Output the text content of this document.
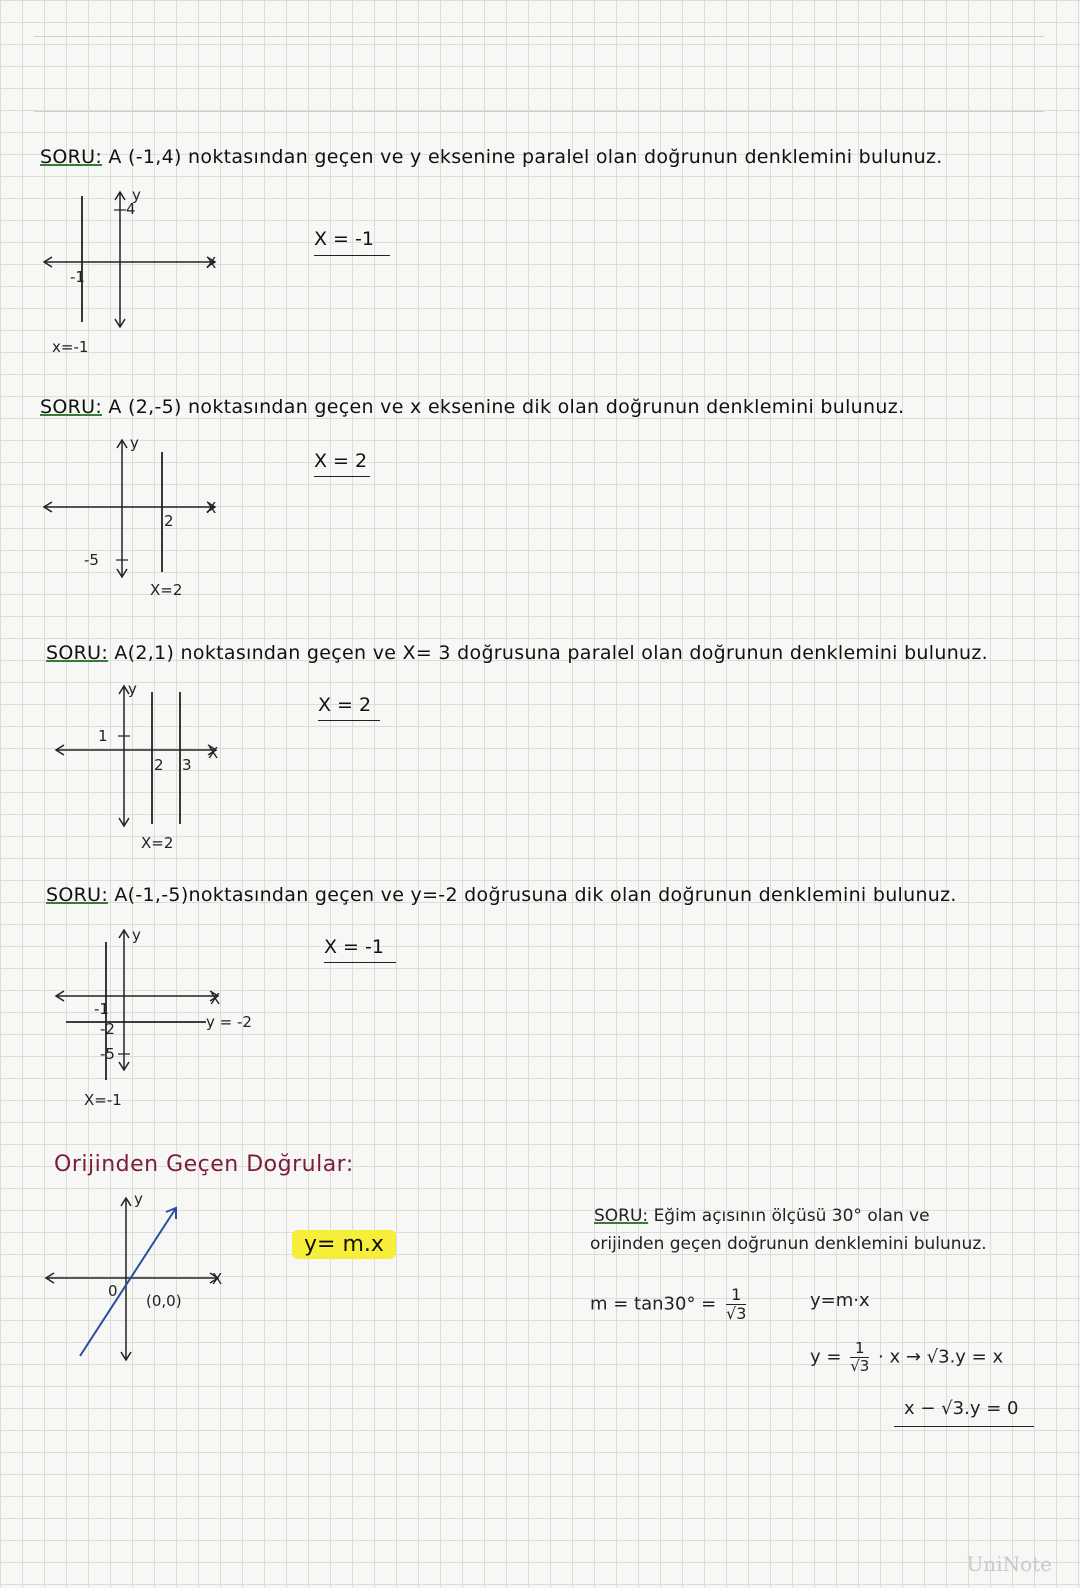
SORU: A (-1,4) noktasından geçen ve y eksenine paralel olan doğrunun denklemini bulunuz.
y
4
X
-1
x=-1
X = -1
SORU: A (2,-5) noktasından geçen ve x eksenine dik olan doğrunun denklemini bulunuz.
y
X
2
-5
X=2
X = 2
SORU: A(2,1) noktasından geçen ve X= 3 doğrusuna paralel olan doğrunun denklemini bulunuz.
y
X
1
2 3
X=2
X = 2
SORU: A(-1,-5)noktasından geçen ve y=-2 doğrusuna dik olan doğrunun denklemini bulunuz.
y
X
-1
-2
-5
y = -2
X=-1
X = -1
Orijinden Geçen Doğrular:
y
X
0
(0,0)
y= m.x
SORU: Eğim açısının ölçüsü 30° olan ve
orijinden geçen doğrunun denklemini bulunuz.
$m = \tan 30^\circ = \frac{1}{√3}$	y=m·x
$y = \frac{1}{√3} \cdot x \to √3.y = x$
x − √3.y = 0
UniNote
